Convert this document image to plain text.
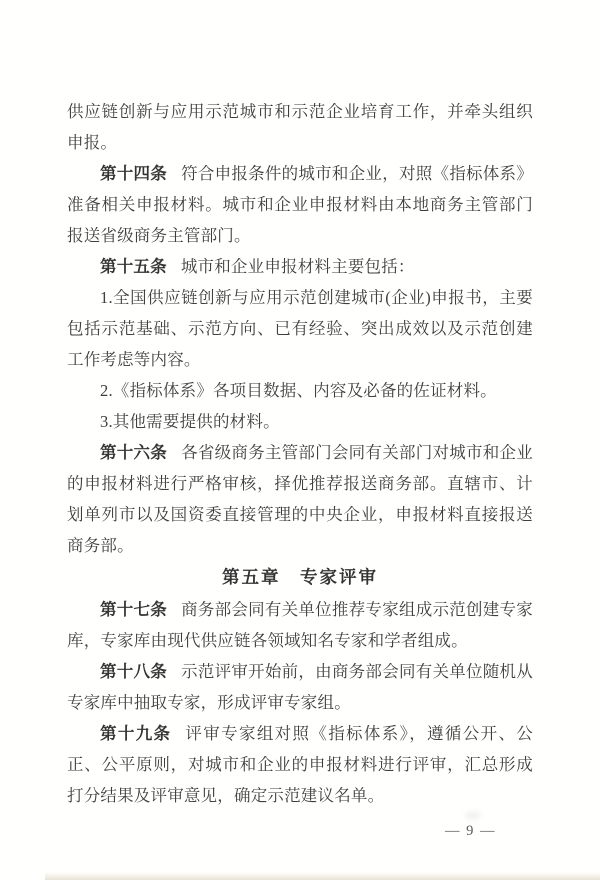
供应链创新与应用示范城市和示范企业培育工作，并牵头组织申报。

第十四条 符合申报条件的城市和企业，对照《指标体系》准备相关申报材料。城市和企业申报材料由本地商务主管部门报送省级商务主管部门。

第十五条 城市和企业申报材料主要包括：

1.全国供应链创新与应用示范创建城市(企业)申报书，主要包括示范基础、示范方向、已有经验、突出成效以及示范创建工作考虑等内容。

2.《指标体系》各项目数据、内容及必备的佐证材料。

3.其他需要提供的材料。

第十六条 各省级商务主管部门会同有关部门对城市和企业的申报材料进行严格审核，择优推荐报送商务部。直辖市、计划单列市以及国资委直接管理的中央企业，申报材料直接报送商务部。

第五章　专家评审

第十七条 商务部会同有关单位推荐专家组成示范创建专家库，专家库由现代供应链各领域知名专家和学者组成。

第十八条 示范评审开始前，由商务部会同有关单位随机从专家库中抽取专家，形成评审专家组。

第十九条 评审专家组对照《指标体系》，遵循公开、公正、公平原则，对城市和企业的申报材料进行评审，汇总形成打分结果及评审意见，确定示范建议名单。

— 9 —
